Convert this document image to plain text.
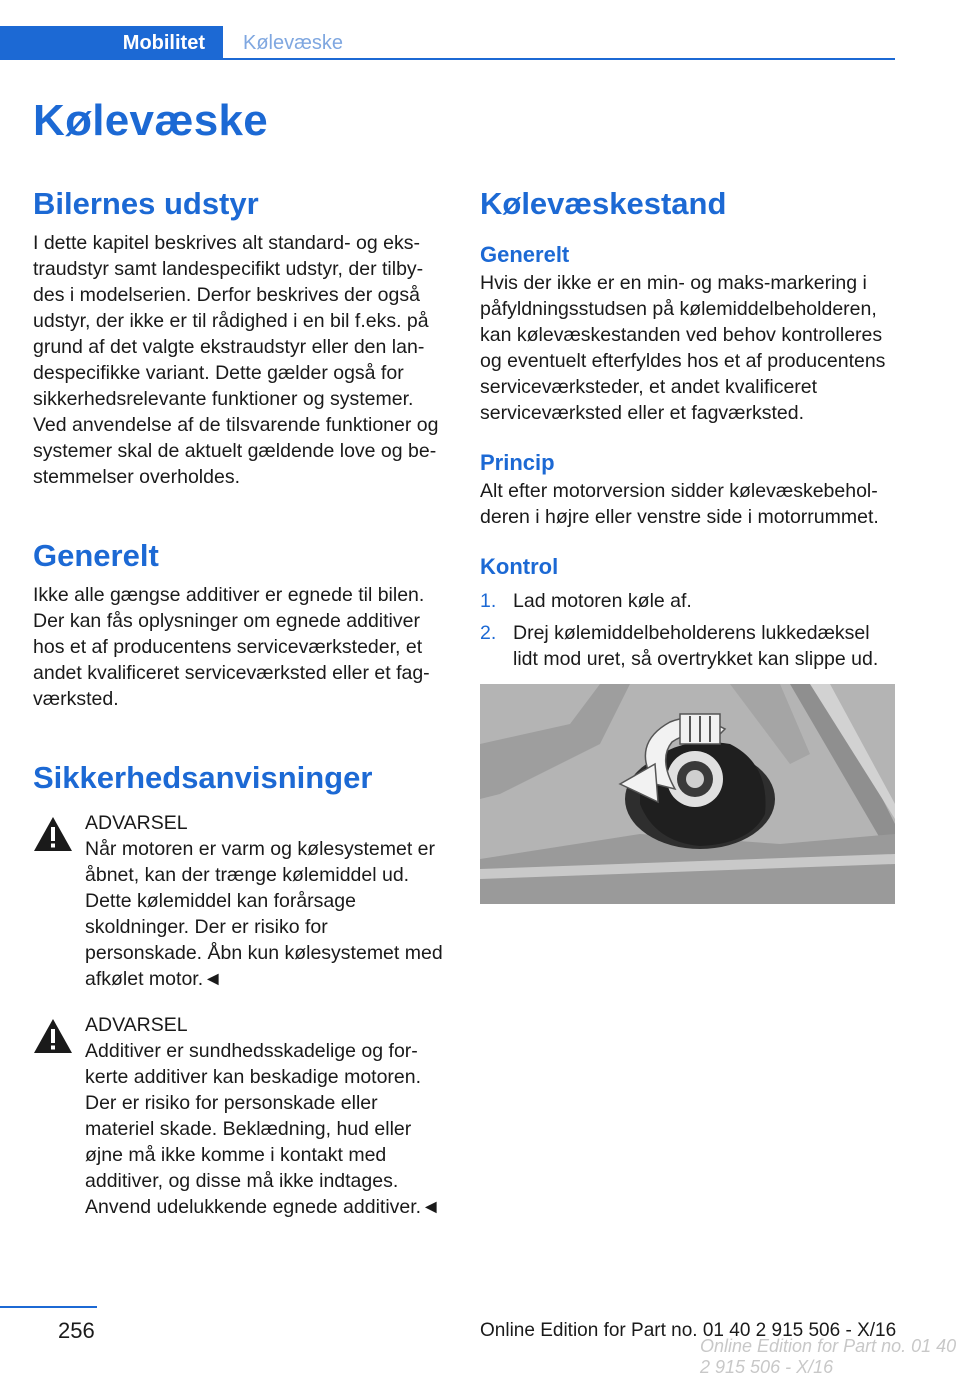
Mobilitet	Kølevæske
Kølevæske
Bilernes udstyr

I dette kapitel beskrives alt standard- og ekstraudstyr samt landespecifikt udstyr, der tilbydes i modelserien. Derfor beskrives der også udstyr, der ikke er til rådighed i en bil f.eks. på grund af det valgte ekstraudstyr eller den landespecifikke variant. Dette gælder også for sikkerhedsrelevante funktioner og systemer. Ved anvendelse af de tilsvarende funktioner og systemer skal de aktuelt gældende love og bestemmelser overholdes.

Generelt

Ikke alle gængse additiver er egnede til bilen. Der kan fås oplysninger om egnede additiver hos et af producentens serviceværksteder, et andet kvalificeret serviceværksted eller et fagværksted.

Sikkerhedsanvisninger
ADVARSEL

Når motoren er varm og kølesystemet er åbnet, kan der trænge kølemiddel ud. Dette kølemiddel kan forårsage skoldninger. Der er risiko for personskade. Åbn kun kølesystemet med afkølet motor.◄

ADVARSEL

Additiver er sundhedsskadelige og forkerte additiver kan beskadige motoren. Der er risiko for personskade eller materiel skade. Beklædning, hud eller øjne må ikke komme i kontakt med additiver, og disse må ikke indtages. Anvend udelukkende egnede additiver.◄

Kølevæskestand
Generelt

Hvis der ikke er en min- og maks-markering i påfyldningsstudsen på kølemiddelbeholderen, kan kølevæskestanden ved behov kontrolleres og eventuelt efterfyldes hos et af producentens serviceværksteder, et andet kvalificeret serviceværksted eller et fagværksted.

Princip

Alt efter motorversion sidder kølevæskebeholderen i højre eller venstre side i motorrummet.

Kontrol
1. Lad motoren køle af.
2. Drej kølemiddelbeholderens lukkedæksel lidt mod uret, så overtrykket kan slippe ud.
256	Online Edition for Part no. 01 40 2 915 506 - X/16
Online Edition for Part no. 01 40 2 915 506 - X/16
